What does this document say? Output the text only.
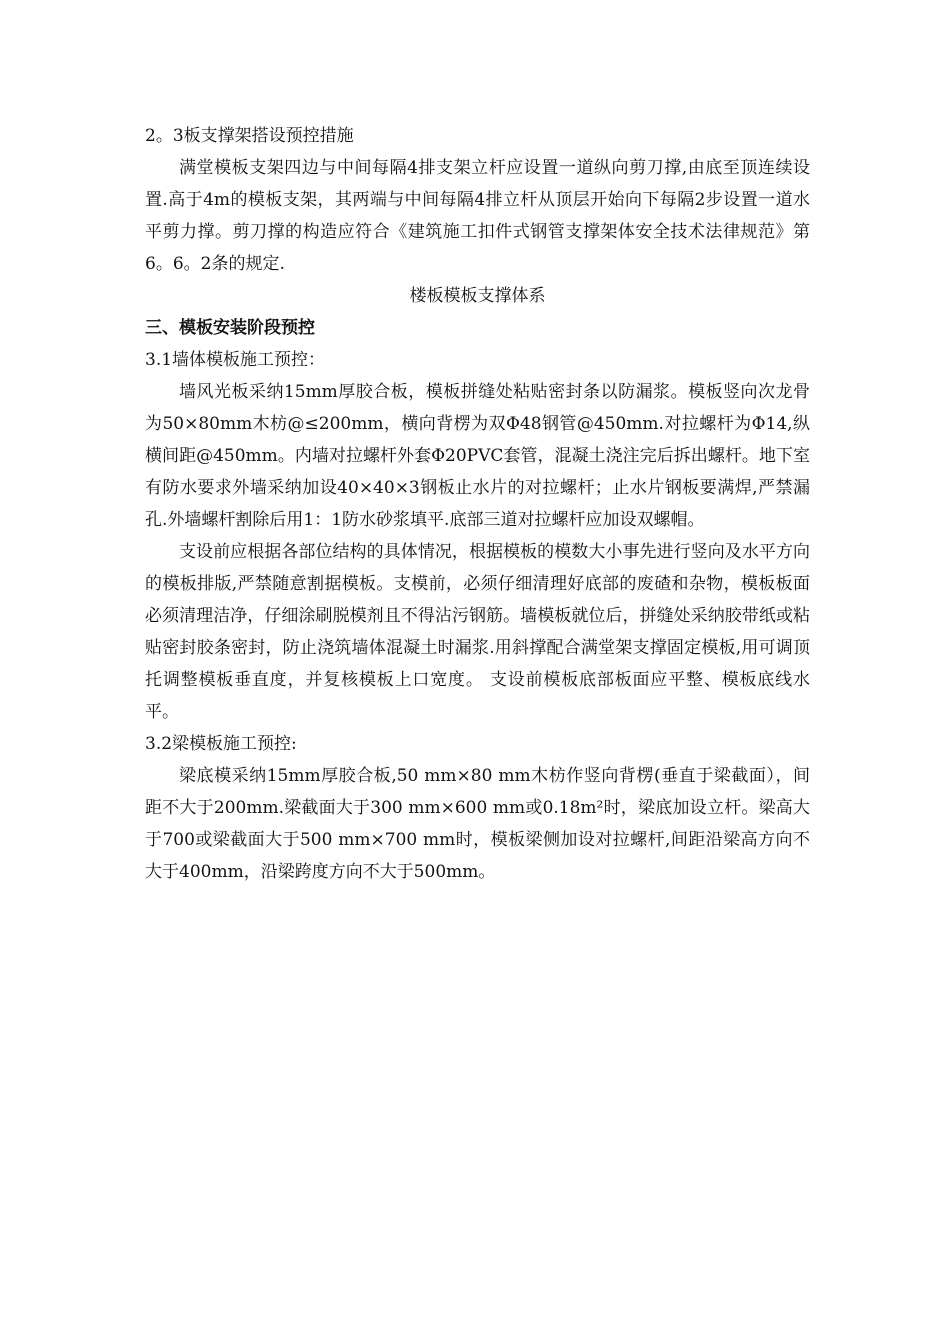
2。3板支撑架搭设预控措施

满堂模板支架四边与中间每隔4排支架立杆应设置一道纵向剪刀撑,由底至顶连续设置.高于4m的模板支架，其两端与中间每隔4排立杆从顶层开始向下每隔2步设置一道水平剪力撑。剪刀撑的构造应符合《建筑施工扣件式钢管支撑架体安全技术法律规范》第6。6。2条的规定.

楼板模板支撑体系
三、模板安装阶段预控
3.1墙体模板施工预控：

墙风光板采纳15mm厚胶合板，模板拼缝处粘贴密封条以防漏浆。模板竖向次龙骨为50×80mm木枋@≤200mm，横向背楞为双Φ48钢管@450mm.对拉螺杆为Φ14,纵横间距@450mm。内墙对拉螺杆外套Φ20PVC套管，混凝土浇注完后拆出螺杆。地下室有防水要求外墙采纳加设40×40×3钢板止水片的对拉螺杆；止水片钢板要满焊,严禁漏孔.外墙螺杆割除后用1：1防水砂浆填平.底部三道对拉螺杆应加设双螺帽。

支设前应根据各部位结构的具体情况，根据模板的模数大小事先进行竖向及水平方向的模板排版,严禁随意割据模板。支模前，必须仔细清理好底部的废碴和杂物，模板板面必须清理洁净，仔细涂刷脱模剂且不得沾污钢筋。墙模板就位后，拼缝处采纳胶带纸或粘贴密封胶条密封，防止浇筑墙体混凝土时漏浆.用斜撑配合满堂架支撑固定模板,用可调顶托调整模板垂直度，并复核模板上口宽度。 支设前模板底部板面应平整、模板底线水平。

3.2梁模板施工预控:

梁底模采纳15mm厚胶合板,50 mm×80 mm木枋作竖向背楞(垂直于梁截面），间距不大于200mm.梁截面大于300 mm×600 mm或0.18m²时，梁底加设立杆。梁高大于700或梁截面大于500 mm×700 mm时，模板梁侧加设对拉螺杆,间距沿梁高方向不大于400mm，沿梁跨度方向不大于500mm。
